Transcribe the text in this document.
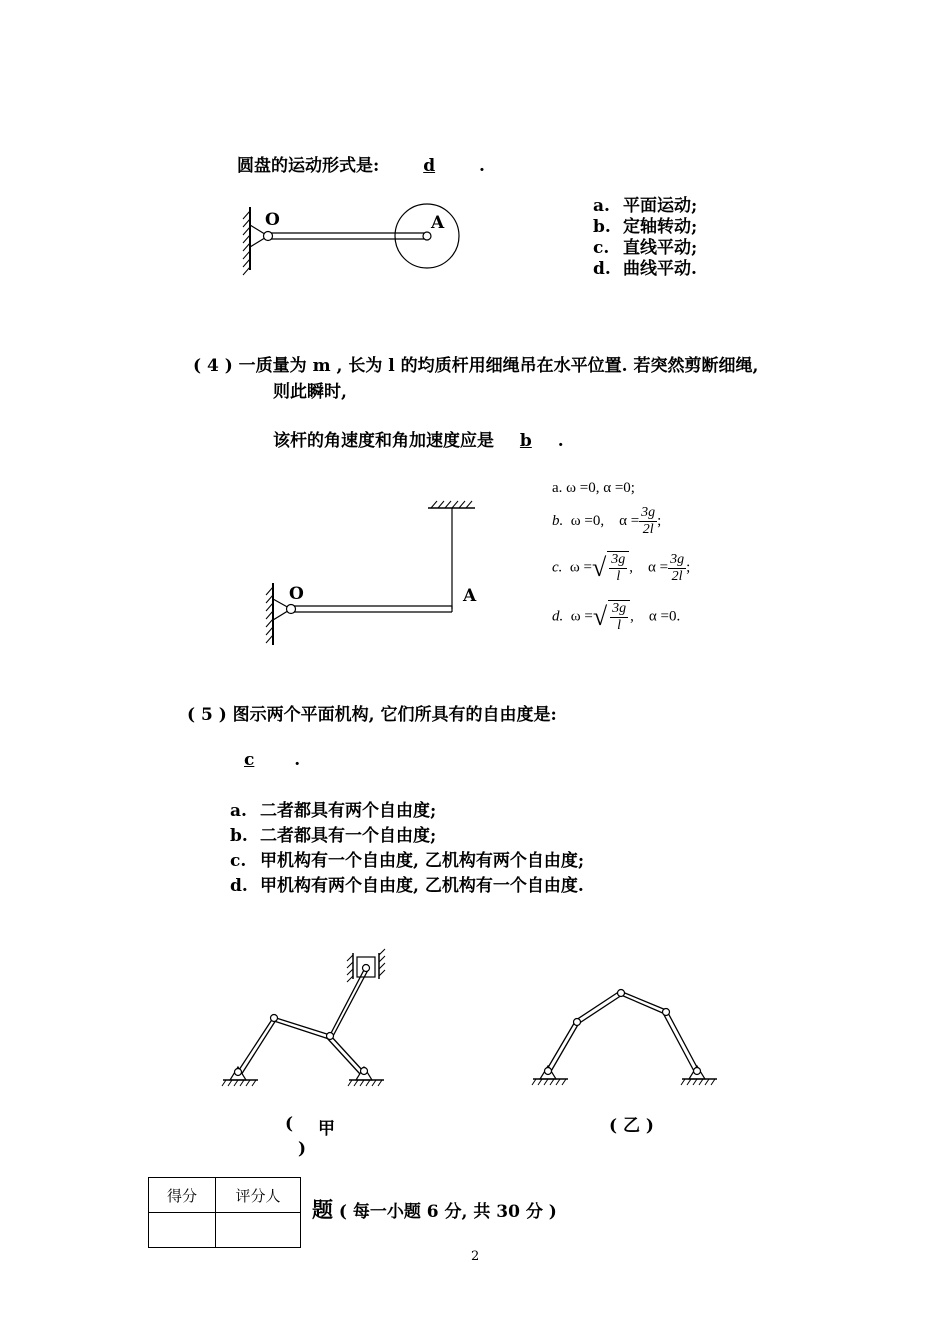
圆盘的运动形式是: d .
O	A
a. 平面运动;
b. 定轴转动;
c. 直线平动;
d. 曲线平动.
( 4 ) 一质量为 m , 长为 l 的均质杆用细绳吊在水平位置. 若突然剪断细绳,
则此瞬时,
该杆的角速度和角加速度应是 b .
O	A
a. ω =0, α =0;
b. ω =0, $\alpha = \frac{3g}{2l}$ ;
c. ω =√ $\frac{3g}{l}$ ,    $\alpha = \frac{3g}{2l}$ ;
d. ω =√ $\frac{3g}{l}$ ,    α =0.
( 5 ) 图示两个平面机构, 它们所具有的自由度是:
c .
a. 二者都具有两个自由度;
b. 二者都具有一个自由度;
c. 甲机构有一个自由度, 乙机构有两个自由度;
d. 甲机构有两个自由度, 乙机构有一个自由度.
( 甲
)
( 乙 )
得分	评分人

题 ( 每一小题 6 分, 共 30 分 )
2
